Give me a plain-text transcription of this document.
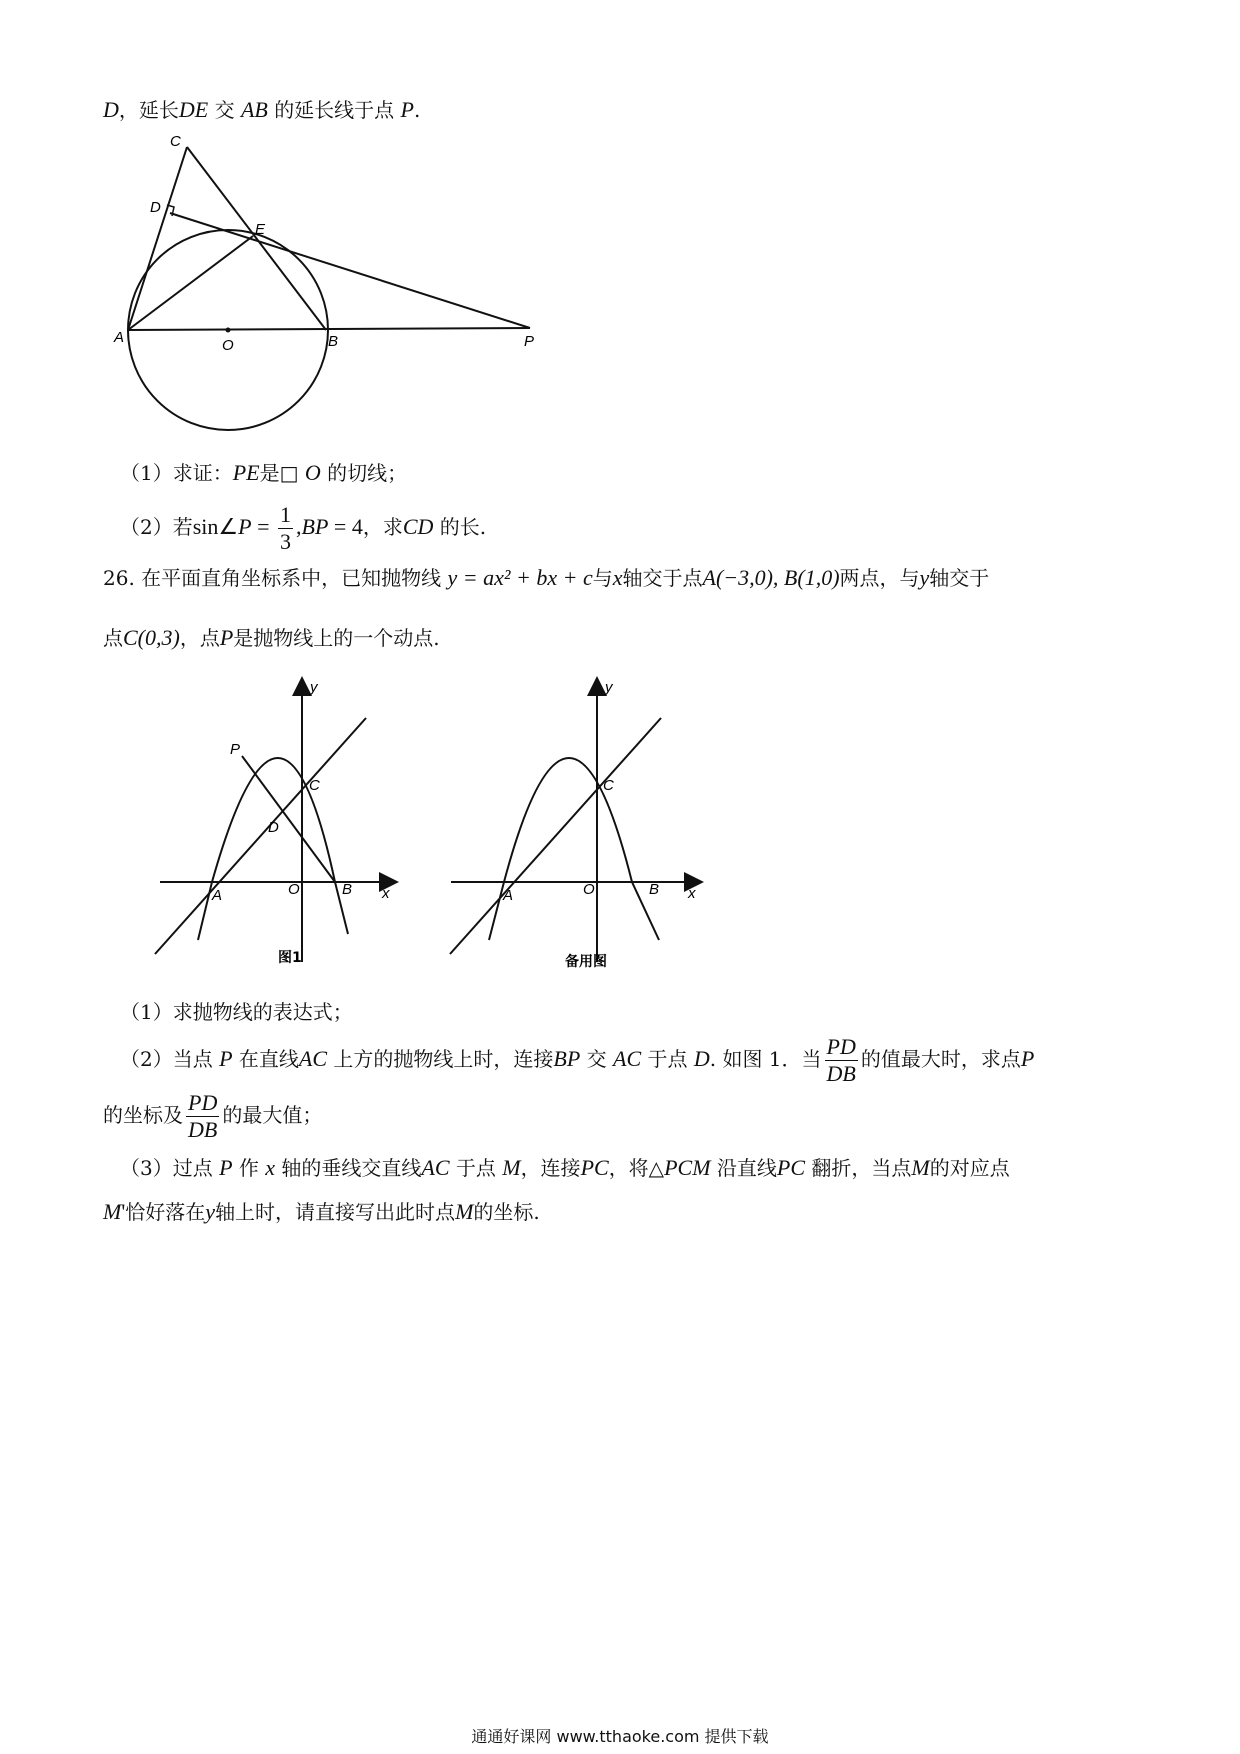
D，延长DE 交 AB 的延长线于点 P.
C
D
E
A	O	B	P
（1）求证：PE是□ O 的切线；
（2）若sin∠P = $\frac{1}{3} ,BP = 4$，求CD 的长.
26. 在平面直角坐标系中，已知抛物线 y = ax² + bx + c与x轴交于点A(−3,0), B(1,0)两点，与y轴交于
点C(0,3)，点P是抛物线上的一个动点.
y
x
A	O	B
C
P
D
图1
y
x
A	O	B
C
备用图
（1）求抛物线的表达式；
（2）当点 P 在直线AC 上方的抛物线上时，连接BP 交 AC 于点 D. 如图 1．当 $\frac{PD}{DB}$ 的值最大时，求点P
的坐标及 $\frac{PD}{DB}$ 的最大值；
（3）过点 P 作 x 轴的垂线交直线AC 于点 M，连接PC，将△PCM 沿直线PC 翻折，当点M的对应点
M'恰好落在y轴上时，请直接写出此时点M的坐标.
通通好课网 www.tthaoke.com 提供下载
